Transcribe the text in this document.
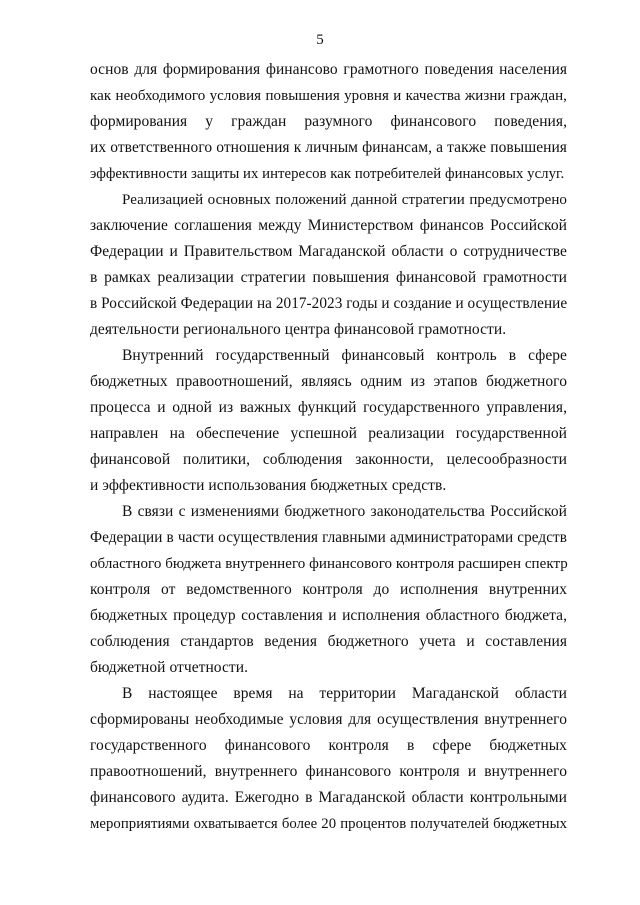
5
основ для формирования финансово грамотного поведения населения
как необходимого условия повышения уровня и качества жизни граждан,
формирования у граждан разумного финансового поведения,
их ответственного отношения к личным финансам, а также повышения
эффективности защиты их интересов как потребителей финансовых услуг.
Реализацией основных положений данной стратегии предусмотрено
заключение соглашения между Министерством финансов Российской
Федерации и Правительством Магаданской области о сотрудничестве
в рамках реализации стратегии повышения финансовой грамотности
в Российской Федерации на 2017-2023 годы и создание и осуществление
деятельности регионального центра финансовой грамотности.
Внутренний государственный финансовый контроль в сфере
бюджетных правоотношений, являясь одним из этапов бюджетного
процесса и одной из важных функций государственного управления,
направлен на обеспечение успешной реализации государственной
финансовой политики, соблюдения законности, целесообразности
и эффективности использования бюджетных средств.
В связи с изменениями бюджетного законодательства Российской
Федерации в части осуществления главными администраторами средств
областного бюджета внутреннего финансового контроля расширен спектр
контроля от ведомственного контроля до исполнения внутренних
бюджетных процедур составления и исполнения областного бюджета,
соблюдения стандартов ведения бюджетного учета и составления
бюджетной отчетности.
В настоящее время на территории Магаданской области
сформированы необходимые условия для осуществления внутреннего
государственного финансового контроля в сфере бюджетных
правоотношений, внутреннего финансового контроля и внутреннего
финансового аудита. Ежегодно в Магаданской области контрольными
мероприятиями охватывается более 20 процентов получателей бюджетных
